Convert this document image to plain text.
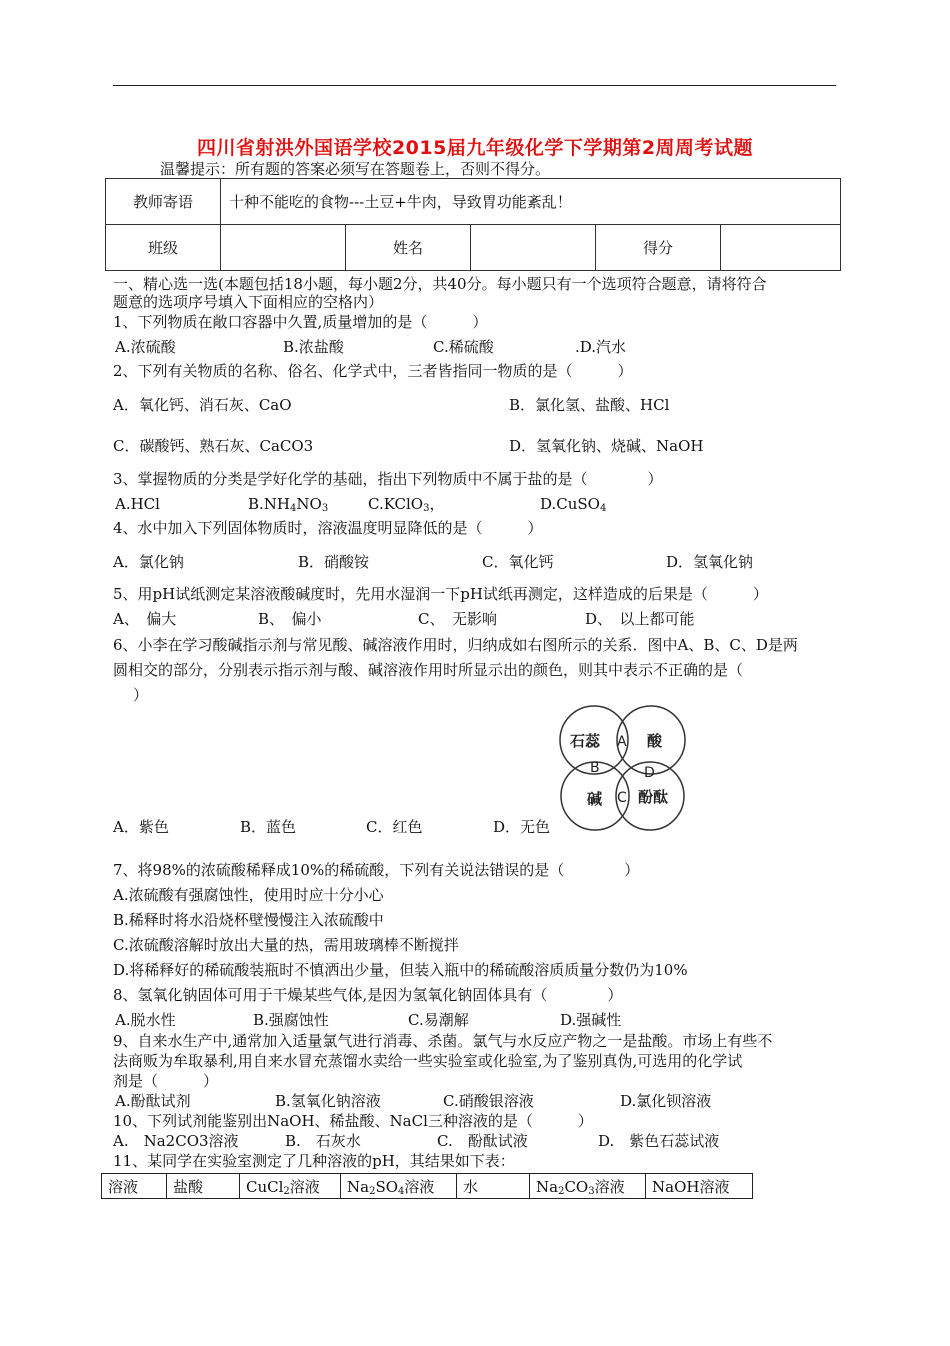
四川省射洪外国语学校2015届九年级化学下学期第2周周考试题
温馨提示：所有题的答案必须写在答题卷上，否则不得分。
教师寄语	十种不能吃的食物---土豆+牛肉，导致胃功能紊乱！				
班级		姓名		得分	
一、精心选一选(本题包括18小题，每小题2分，共40分。每小题只有一个选项符合题意，请将符合
题意的选项序号填入下面相应的空格内）
1、下列物质在敞口容器中久置,质量增加的是（　　　）
A.浓硫酸	B.浓盐酸	C.稀硫酸	.D.汽水
2、下列有关物质的名称、俗名、化学式中，三者皆指同一物质的是（　　　）
A．氧化钙、消石灰、CaO	B．氯化氢、盐酸、HCl
C．碳酸钙、熟石灰、CaCO3	D．氢氧化钠、烧碱、NaOH
3、掌握物质的分类是学好化学的基础，指出下列物质中不属于盐的是（　　　　）
A.HCl	$B.NH_4NO_3$	C.KClO$_3$，	D.CuSO$_4$
4、水中加入下列固体物质时，溶液温度明显降低的是（　　　）
A．氯化钠	B．硝酸铵	C．氧化钙	D．氢氧化钠
5、用pH试纸测定某溶液酸碱度时，先用水湿润一下pH试纸再测定，这样造成的后果是（　　　）
A、　偏大	B、　偏小	C、　无影响	D、　以上都可能
6、小李在学习酸碱指示剂与常见酸、碱溶液作用时，归纳成如右图所示的关系．图中A、B、C、D是两
圆相交的部分，分别表示指示剂与酸、碱溶液作用时所显示出的颜色，则其中表示不正确的是（
）
石蕊	酸
碱 酚酞
A
B
C
D
A．紫色	B．蓝色	C．红色	D．无色
7、将98%的浓硫酸稀释成10%的稀硫酸，下列有关说法错误的是（　　　　）
A.浓硫酸有强腐蚀性，使用时应十分小心
B.稀释时将水沿烧杯壁慢慢注入浓硫酸中
C.浓硫酸溶解时放出大量的热，需用玻璃棒不断搅拌
D.将稀释好的稀硫酸装瓶时不慎洒出少量，但装入瓶中的稀硫酸溶质质量分数仍为10%
8、氢氧化钠固体可用于干燥某些气体,是因为氢氧化钠固体具有（　　　　）
A.脱水性	B.强腐蚀性	C.易潮解	D.强碱性
9、自来水生产中,通常加入适量氯气进行消毒、杀菌。氯气与水反应产物之一是盐酸。市场上有些不
法商贩为牟取暴利,用自来水冒充蒸馏水卖给一些实验室或化验室,为了鉴别真伪,可选用的化学试
剂是（　　　）
A.酚酞试剂	B.氢氧化钠溶液	C.硝酸银溶液	D.氯化钡溶液
10、下列试剂能鉴别出NaOH、稀盐酸、NaCl三种溶液的是（　　　）
A.　Na2CO3溶液	B.　石灰水	C.　酚酞试液	D.　紫色石蕊试液
11、某同学在实验室测定了几种溶液的pH，其结果如下表：
溶液	盐酸	CuCl$_2$溶液	$Na_2SO_4$溶液	水	$Na_2CO_3$溶液	NaOH溶液
